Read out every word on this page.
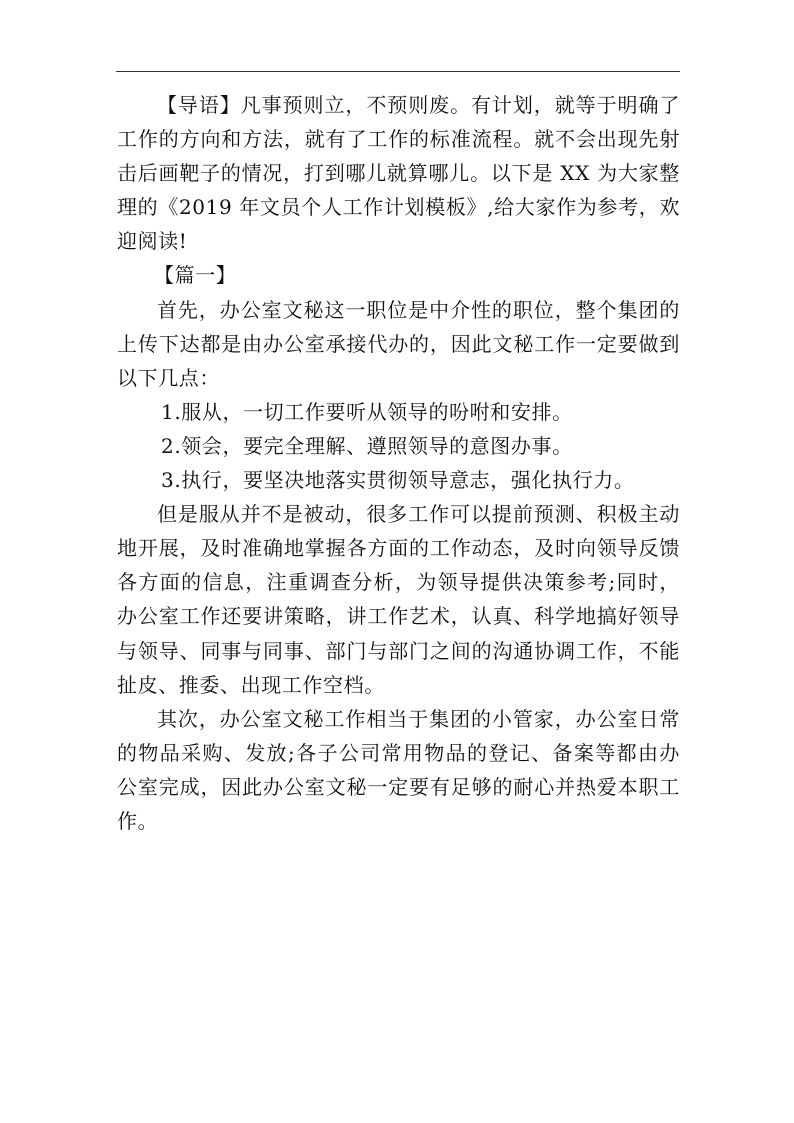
【导语】凡事预则立，不预则废。有计划，就等于明确了工作的方向和方法，就有了工作的标准流程。就不会出现先射击后画靶子的情况，打到哪儿就算哪儿。以下是 XX 为大家整理的《2019 年文员个人工作计划模板》,给大家作为参考，欢迎阅读!

【篇一】

首先，办公室文秘这一职位是中介性的职位，整个集团的上传下达都是由办公室承接代办的，因此文秘工作一定要做到以下几点：

1.服从，一切工作要听从领导的吩咐和安排。

2.领会，要完全理解、遵照领导的意图办事。

3.执行，要坚决地落实贯彻领导意志，强化执行力。

但是服从并不是被动，很多工作可以提前预测、积极主动地开展，及时准确地掌握各方面的工作动态，及时向领导反馈各方面的信息，注重调查分析，为领导提供决策参考;同时，办公室工作还要讲策略，讲工作艺术，认真、科学地搞好领导与领导、同事与同事、部门与部门之间的沟通协调工作，不能扯皮、推委、出现工作空档。

其次，办公室文秘工作相当于集团的小管家，办公室日常的物品采购、发放;各子公司常用物品的登记、备案等都由办公室完成，因此办公室文秘一定要有足够的耐心并热爱本职工作。
